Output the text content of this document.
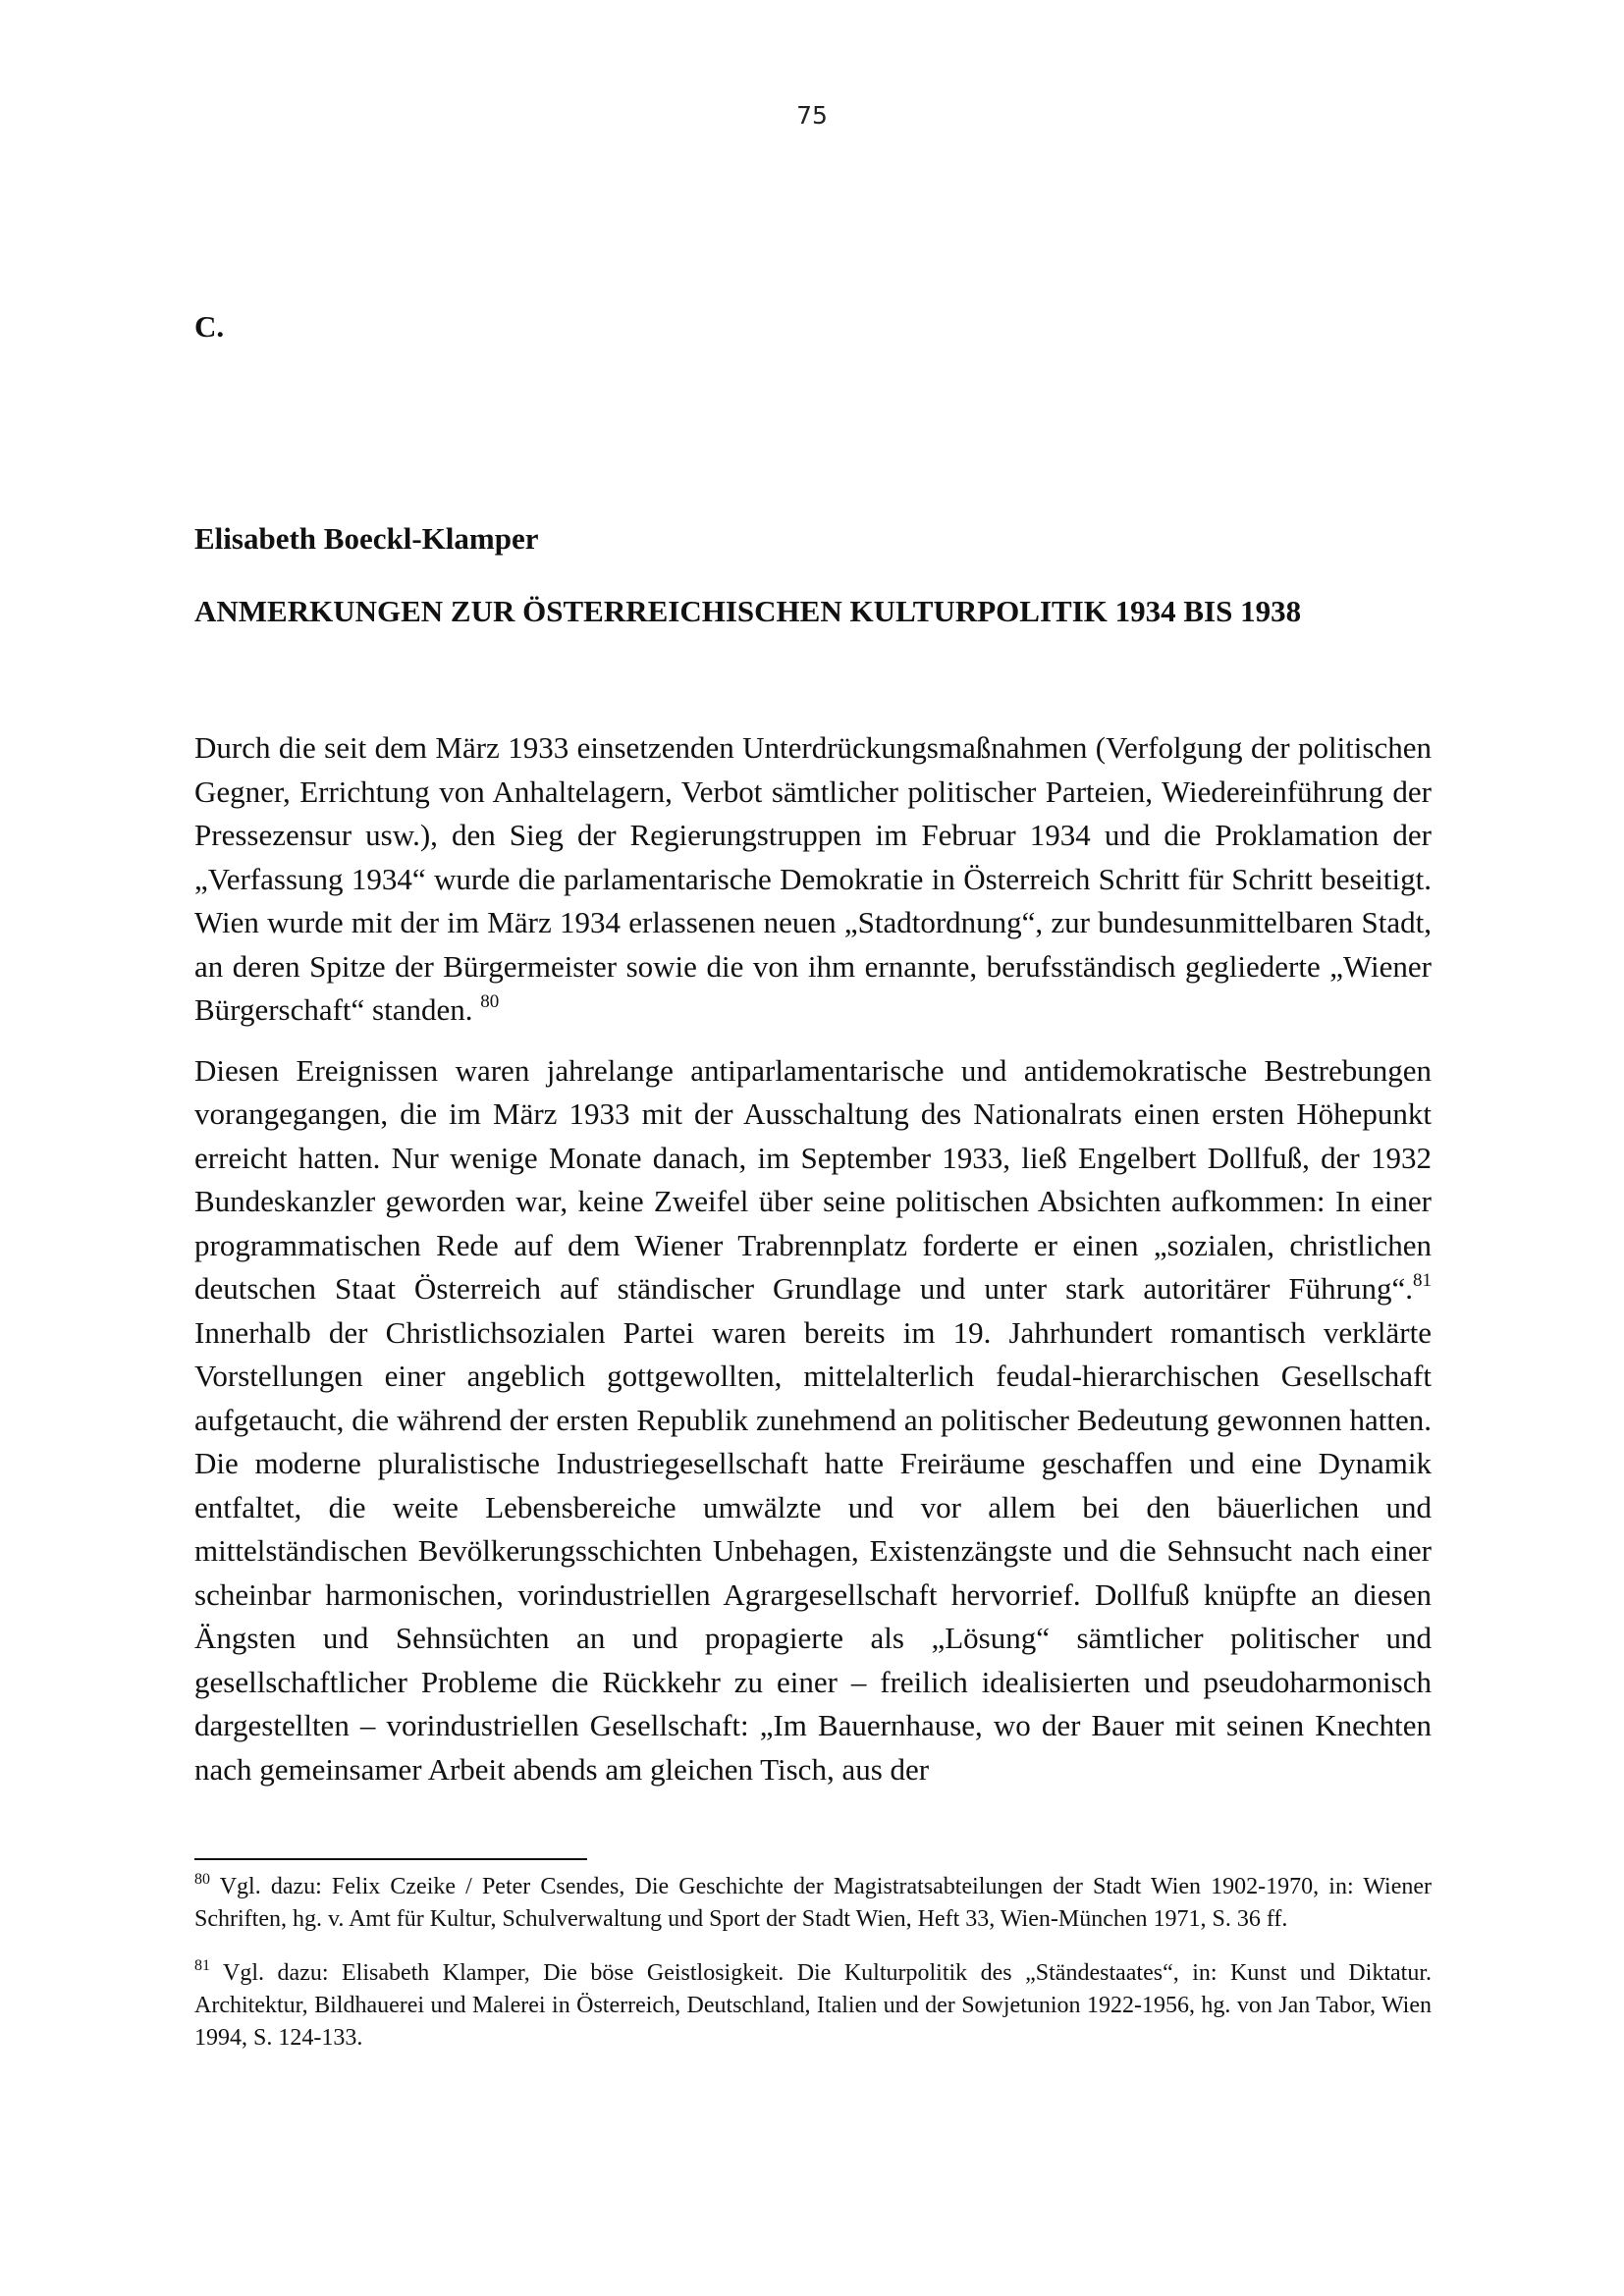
75
C.
Elisabeth Boeckl-Klamper
ANMERKUNGEN ZUR ÖSTERREICHISCHEN KULTURPOLITIK 1934 BIS 1938

Durch die seit dem März 1933 einsetzenden Unterdrückungsmaßnahmen (Verfolgung der politischen Gegner, Errichtung von Anhaltelagern, Verbot sämtlicher politischer Parteien, Wiedereinführung der Pressezensur usw.), den Sieg der Regierungstruppen im Februar 1934 und die Proklamation der „Verfassung 1934“ wurde die parlamentarische Demokratie in Österreich Schritt für Schritt beseitigt. Wien wurde mit der im März 1934 erlassenen neuen „Stadtordnung“, zur bundesunmittelbaren Stadt, an deren Spitze der Bürgermeister sowie die von ihm ernannte, berufsständisch gegliederte „Wiener Bürgerschaft“ standen. $^{80}$

Diesen Ereignissen waren jahrelange antiparlamentarische und antidemokratische Bestrebungen vorangegangen, die im März 1933 mit der Ausschaltung des Nationalrats einen ersten Höhepunkt erreicht hatten. Nur wenige Monate danach, im September 1933, ließ Engelbert Dollfuß, der 1932 Bundeskanzler geworden war, keine Zweifel über seine politischen Absichten aufkommen: In einer programmatischen Rede auf dem Wiener Trabrennplatz forderte er einen „sozialen, christlichen deutschen Staat Österreich auf ständischer Grundlage und unter stark autoritärer Führung“.$^{81}$ Innerhalb der Christlichsozialen Partei waren bereits im 19. Jahrhundert romantisch verklärte Vorstellungen einer angeblich gottgewollten, mittelalterlich feudal-hierarchischen Gesellschaft aufgetaucht, die während der ersten Republik zunehmend an politischer Bedeutung gewonnen hatten. Die moderne pluralistische Industriegesellschaft hatte Freiräume geschaffen und eine Dynamik entfaltet, die weite Lebensbereiche umwälzte und vor allem bei den bäuerlichen und mittelständischen Bevölkerungsschichten Unbehagen, Existenzängste und die Sehnsucht nach einer scheinbar harmonischen, vorindustriellen Agrargesellschaft hervorrief. Dollfuß knüpfte an diesen Ängsten und Sehnsüchten an und propagierte als „Lösung“ sämtlicher politischer und gesellschaftlicher Probleme die Rückkehr zu einer – freilich idealisierten und pseudoharmonisch dargestellten – vorindustriellen Gesellschaft: „Im Bauernhause, wo der Bauer mit seinen Knechten nach gemeinsamer Arbeit abends am gleichen Tisch, aus der

$^{80}$ Vgl. dazu: Felix Czeike / Peter Csendes, Die Geschichte der Magistratsabteilungen der Stadt Wien 1902-1970, in: Wiener Schriften, hg. v. Amt für Kultur, Schulverwaltung und Sport der Stadt Wien, Heft 33, Wien-München 1971, S. 36 ff.

$^{81}$ Vgl. dazu: Elisabeth Klamper, Die böse Geistlosigkeit. Die Kulturpolitik des „Ständestaates“, in: Kunst und Diktatur. Architektur, Bildhauerei und Malerei in Österreich, Deutschland, Italien und der Sowjetunion 1922-1956, hg. von Jan Tabor, Wien 1994, S. 124-133.
